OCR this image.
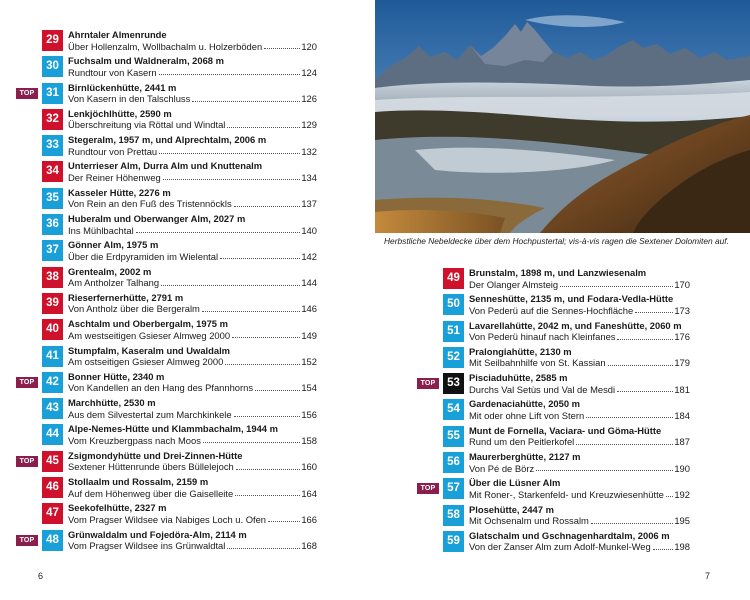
29 Ahrntaler Almenrunde
Über Hollenzalm, Wollbachalm u. Holzerböden	120
30 Fuchsalm und Waldneralm, 2068 m
Rundtour von Kasern	124
TOP	31 Birnlückenhütte, 2441 m
Von Kasern in den Talschluss	126
32 Lenkjöchlhütte, 2590 m
Überschreitung via Röttal und Windtal	129
33 Stegeralm, 1957 m, und Alprechtalm, 2006 m
Rundtour von Prettau	132
34 Unterrieser Alm, Durra Alm und Knuttenalm
Der Reiner Höhenweg	134
35 Kasseler Hütte, 2276 m
Von Rein an den Fuß des Tristennöckls	137
36 Huberalm und Oberwanger Alm, 2027 m
Ins Mühlbachtal	140
37 Gönner Alm, 1975 m
Über die Erdpyramiden im Wielental	142
38 Grentealm, 2002 m
Am Antholzer Talhang	144
39 Rieserfernerhütte, 2791 m
Von Antholz über die Bergeralm	146
40 Aschtalm und Oberbergalm, 1975 m
Am westseitigen Gsieser Almweg 2000	149
41 Stumpfalm, Kaseralm und Uwaldalm
Am ostseitigen Gsieser Almweg 2000	152
TOP	42 Bonner Hütte, 2340 m
Von Kandellen an den Hang des Pfannhorns	154
43 Marchhütte, 2530 m
Aus dem Silvestertal zum Marchkinkele	156
44 Alpe-Nemes-Hütte und Klammbachalm, 1944 m
Vom Kreuzbergpass nach Moos	158
TOP	45 Zsigmondyhütte und Drei-Zinnen-Hütte
Sextener Hüttenrunde übers Büllelejoch	160
46 Stollaalm und Rossalm, 2159 m
Auf dem Höhenweg über die Gaiselleite	164
47 Seekofelhütte, 2327 m
Vom Pragser Wildsee via Nabiges Loch u. Ofen	166
TOP	48 Grünwaldalm und Fojedöra-Alm, 2114 m
Vom Pragser Wildsee ins Grünwaldtal	168
6

Herbstliche Nebeldecke über dem Hochpustertal; vis-à-vis ragen die Sextener Dolomiten auf.

49 Brunstalm, 1898 m, und Lanzwiesenalm
Der Olanger Almsteig	170
50 Senneshütte, 2135 m, und Fodara-Vedla-Hütte
Von Pederü auf die Sennes-Hochfläche	173
51 Lavarellahütte, 2042 m, und Faneshütte, 2060 m
Von Pederü hinauf nach Kleinfanes	176
52 Pralongiahütte, 2130 m
Mit Seilbahnhilfe von St. Kassian	179
TOP	53 Pisciaduhütte, 2585 m
Durchs Val Setùs und Val de Mesdi	181
54 Gardenaciahütte, 2050 m
Mit oder ohne Lift von Stern	184
55 Munt de Fornella, Vaciara- und Göma-Hütte
Rund um den Peitlerkofel	187
56 Maurerberghütte, 2127 m
Von Pé de Börz	190
TOP	57 Über die Lüsner Alm
Mit Roner-, Starkenfeld- und Kreuzwiesenhütte 192
58 Plosehütte, 2447 m
Mit Ochsenalm und Rossalm	195
59 Glatschalm und Gschnagenhardtalm, 2006 m
Von der Zanser Alm zum Adolf-Munkel-Weg	198
7
